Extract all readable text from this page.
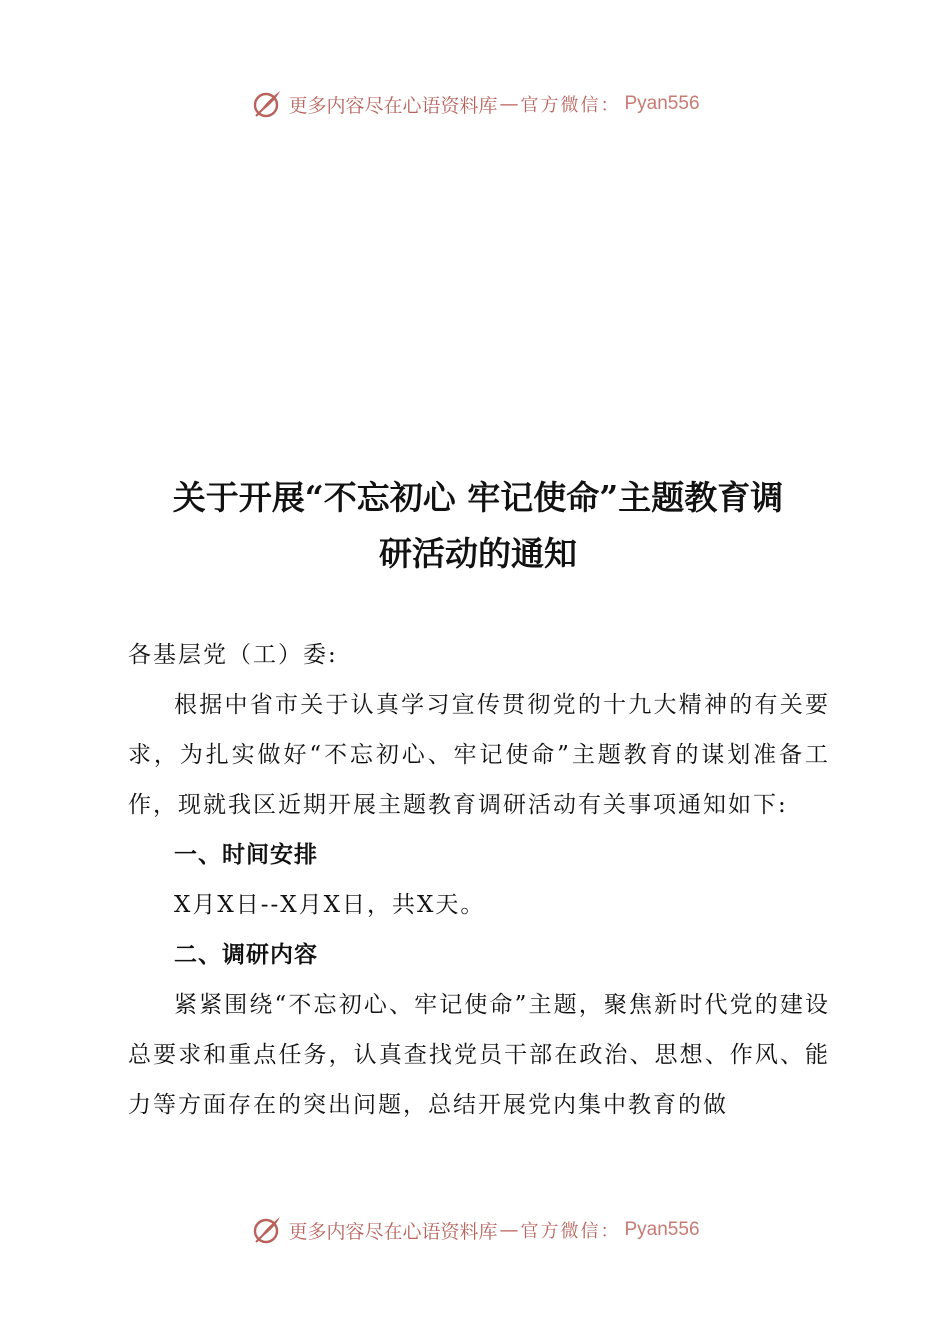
更多内容尽在心语资料库 — 官方微信： Pyan556
关于开展“不忘初心 牢记使命”主题教育调
研活动的通知

各基层党（工）委:

根据中省市关于认真学习宣传贯彻党的十九大精神的有关要求，为扎实做好“不忘初心、牢记使命”主题教育的谋划准备工作，现就我区近期开展主题教育调研活动有关事项通知如下:

一、时间安排

X月X日--X月X日，共X天。

二、调研内容

紧紧围绕“不忘初心、牢记使命”主题，聚焦新时代党的建设总要求和重点任务，认真查找党员干部在政治、思想、作风、能力等方面存在的突出问题，总结开展党内集中教育的做

更多内容尽在心语资料库 — 官方微信： Pyan556
